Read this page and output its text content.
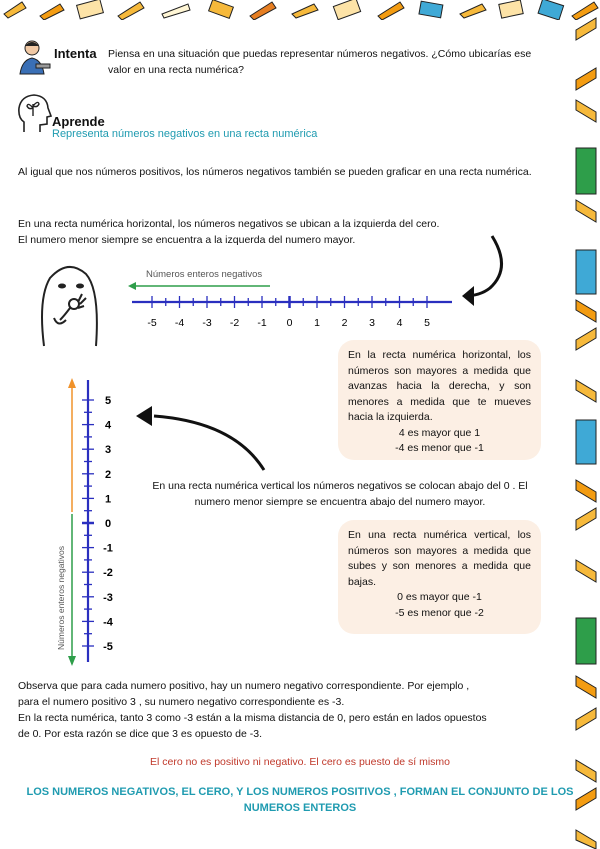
Intenta Piensa en una situación que puedas representar números negativos. ¿Cómo ubicarías ese valor en una recta numérica?
Aprende
Representa números negativos en una recta numérica
Al igual que nos números positivos, los números negativos también se pueden graficar en una recta numérica.
En una recta numérica horizontal, los números negativos se ubican a la izquierda del cero.
El numero menor siempre se encuentra a la izquerda del numero mayor.
Números enteros negativos
-5 -4 -3 -2 -1 0 1 2 3 4 5
En la recta numérica horizontal, los números son mayores a medida que avanzas hacia la derecha, y son menores a medida que te mueves hacia la izquierda.
4 es mayor que 1
-4 es menor que -1
Números enteros negativos
5
4
3
2
1
0
-1
-2
-3
-4
-5
En una recta numérica vertical los números negativos se colocan abajo del 0 . El numero menor siempre se encuentra abajo del numero mayor.
En una recta numérica vertical, los números son mayores a medida que subes y son menores a medida que bajas.
0 es mayor que -1
-5 es menor que -2
Observa que para cada numero positivo, hay un numero negativo correspondiente. Por ejemplo ,
para el numero positivo 3 , su numero negativo correspondiente es -3.
En la recta numérica, tanto 3 como -3 están a la misma distancia de 0, pero están en lados opuestos
de 0. Por esta razón se dice que 3 es opuesto de -3.
El cero no es positivo ni negativo. El cero es puesto de sí mismo
LOS NUMEROS NEGATIVOS, EL CERO, Y LOS NUMEROS POSITIVOS , FORMAN EL CONJUNTO DE LOS NUMEROS ENTEROS
